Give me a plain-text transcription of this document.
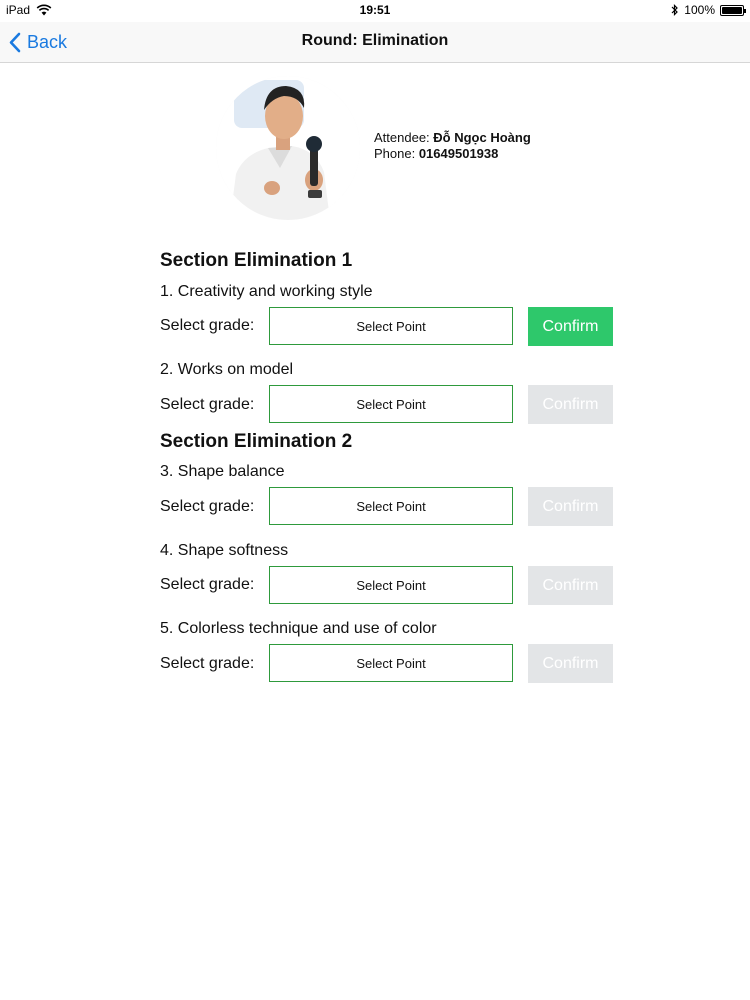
iPad	19:51	100%
Back	Round: Elimination
Attendee: Đỗ Ngọc Hoàng
Phone: 01649501938
Section Elimination 1
1. Creativity and working style
Select grade:	Select Point	Confirm
2. Works on model
Select grade:	Select Point	Confirm
Section Elimination 2
3. Shape balance
Select grade:	Select Point	Confirm
4. Shape softness
Select grade:	Select Point	Confirm
5. Colorless technique and use of color
Select grade:	Select Point	Confirm
